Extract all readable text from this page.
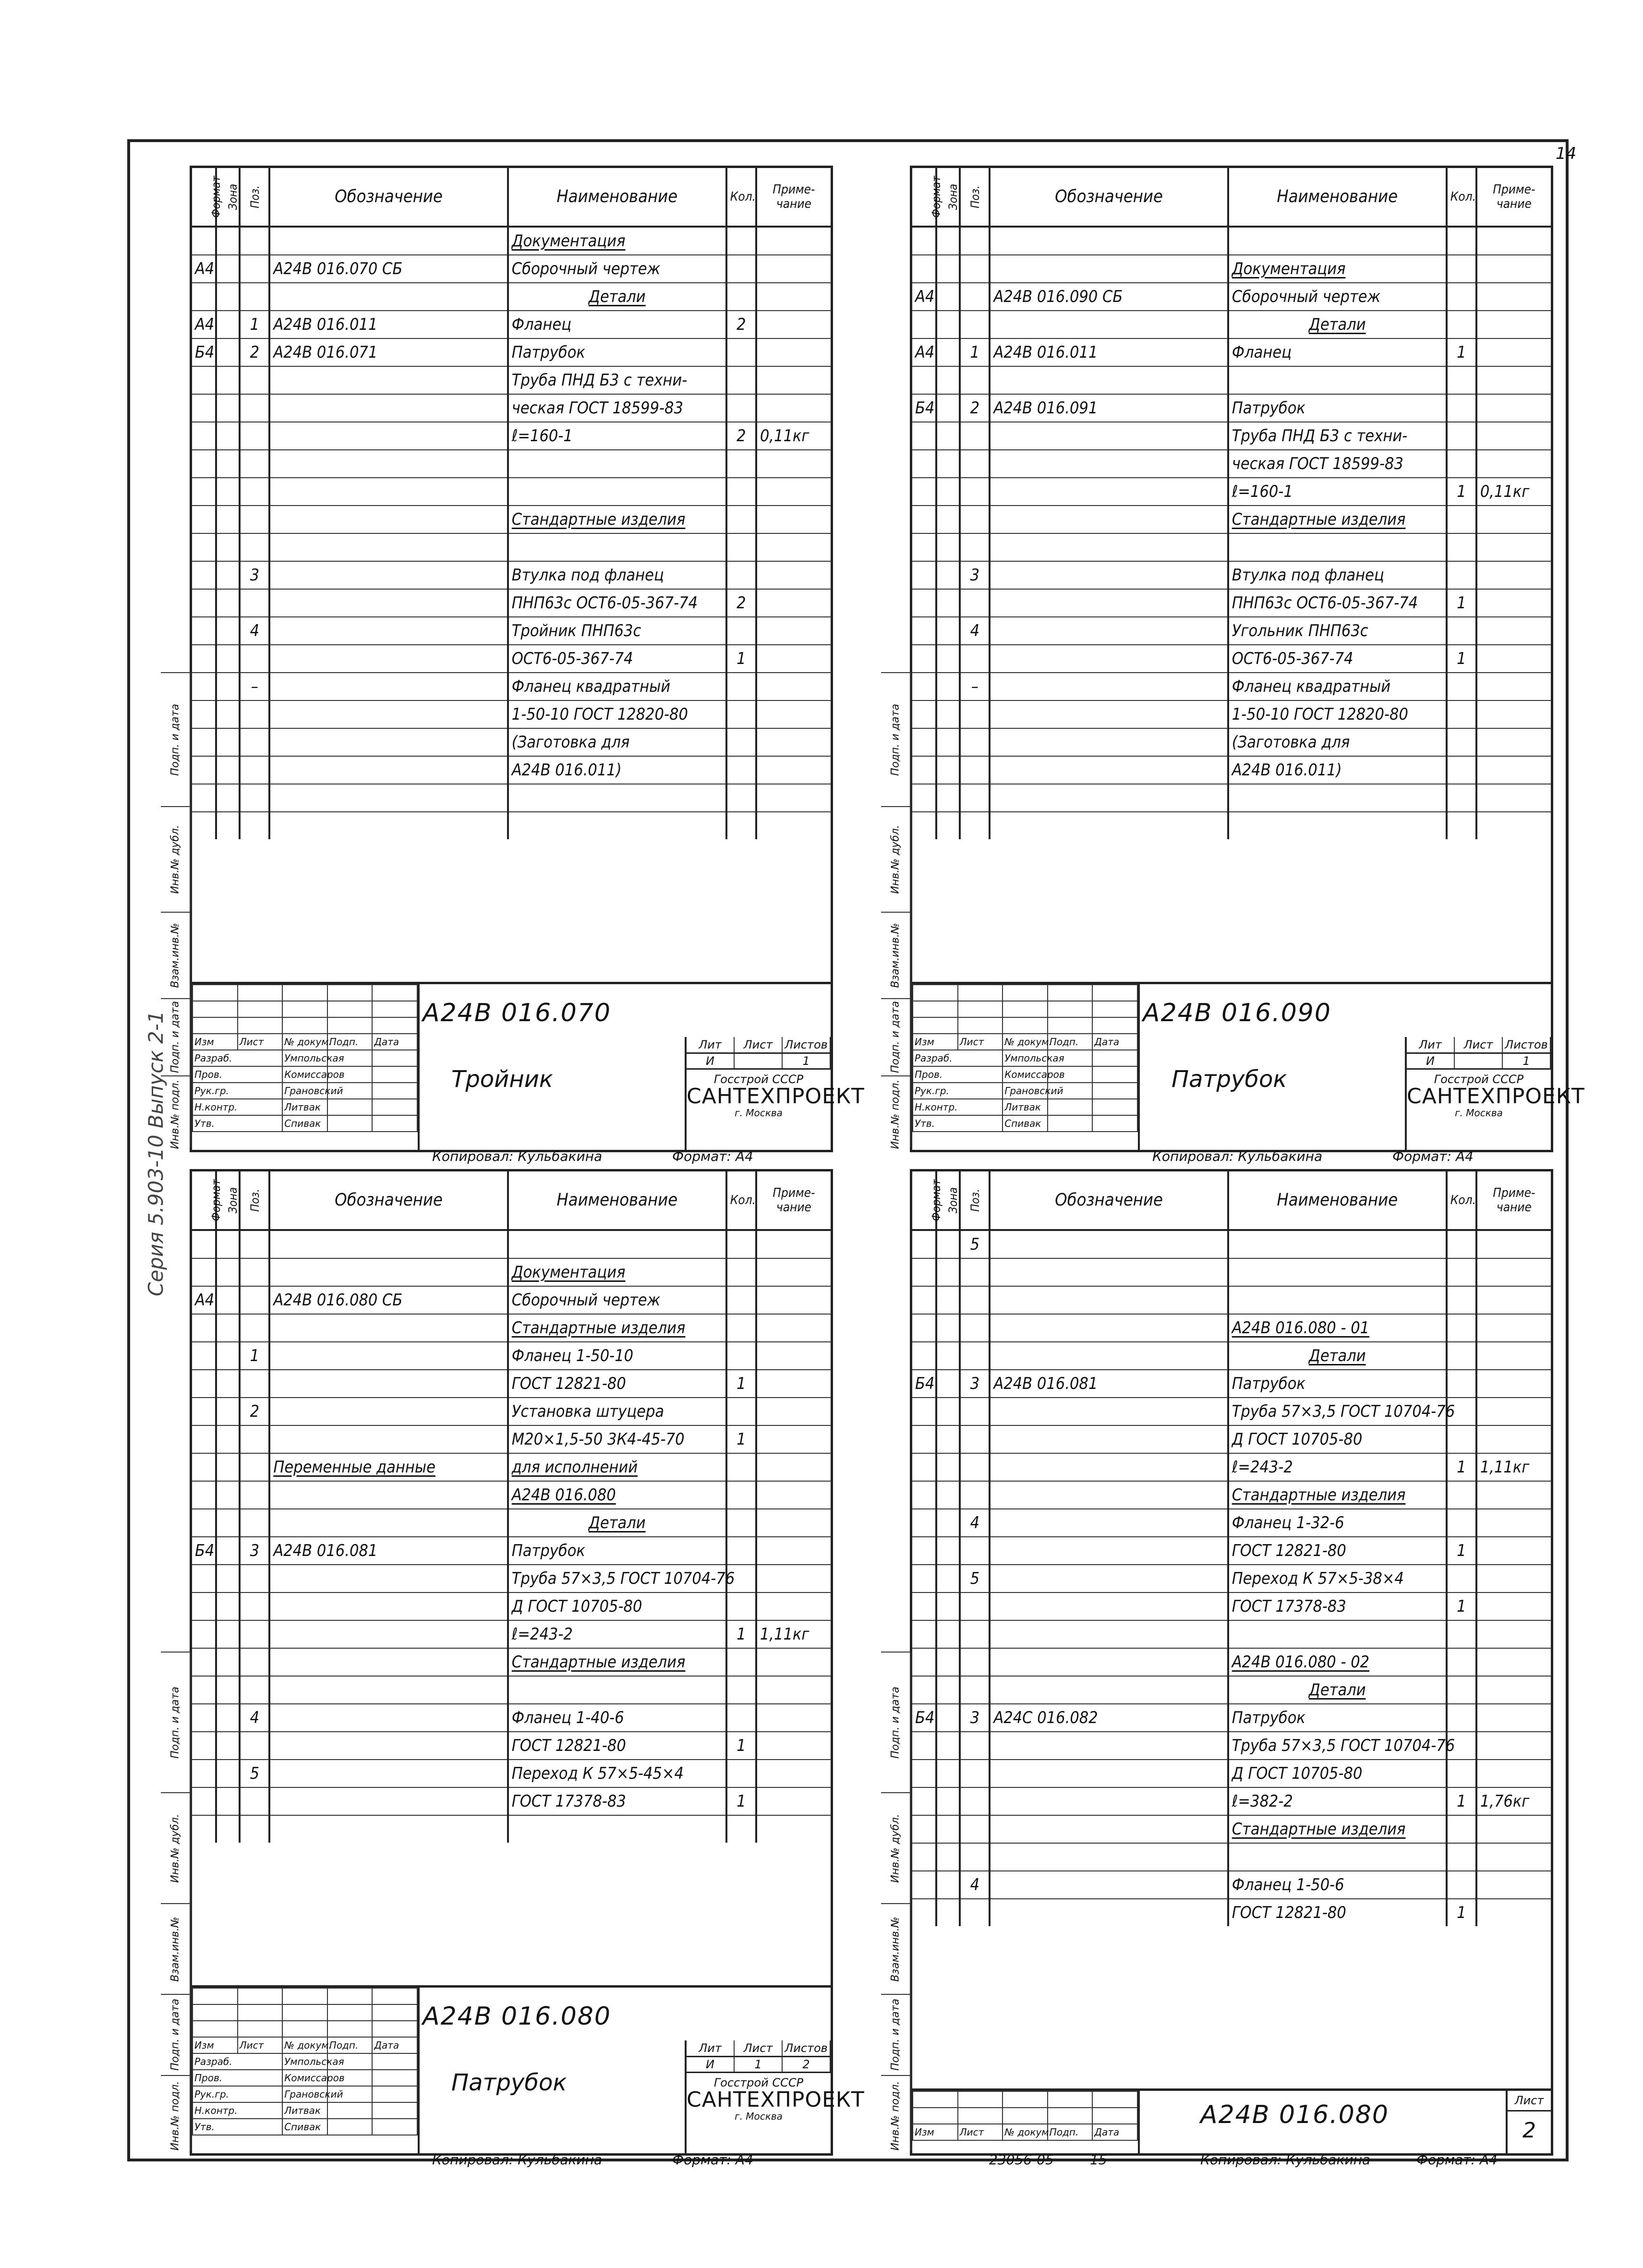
14
Серия 5.903-10 Выпуск 2-1
Формат	Зона	Поз.	Обозначение	Наименование	Кол.	Приме-чание
				Документация		
А4			А24В 016.070 СБ	Сборочный чертеж		
				Детали		
А4		1	А24В 016.011	Фланец	2	
Б4		2	А24В 016.071	Патрубок		
				Труба ПНД Б3 с техни-		
				ческая ГОСТ 18599-83		
				ℓ=160-1	2	0,11кг

				Стандартные изделия		

		3		Втулка под фланец		
				ПНП63с ОСТ6-05-367-74	2	
		4		Тройник ПНП63с		
				ОСТ6-05-367-74	1	
		–		Фланец квадратный		
				1-50-10 ГОСТ 12820-80		
				(Заготовка для		
				А24В 016.011)		

Изм	Лист	№ докум.	Подп.	Дата
Разраб.		Умпольская		
Пров.		Комиссаров		
Рук.гр.		Грановский		
Н.контр.		Литвак		
Утв.		Спивак		
А24В 016.070
Тройник
Лит	Лист	Листов
И	1
Госстрой СССР
САНТЕХПРОЕКТ
г. Москва
Формат	Зона	Поз.	Обозначение	Наименование	Кол.	Приме-чание

				Документация		
А4			А24В 016.090 СБ	Сборочный чертеж		
				Детали		
А4		1	А24В 016.011	Фланец	1	

Б4		2	А24В 016.091	Патрубок		
				Труба ПНД Б3 с техни-		
				ческая ГОСТ 18599-83		
				ℓ=160-1	1	0,11кг
				Стандартные изделия		

		3		Втулка под фланец		
				ПНП63с ОСТ6-05-367-74	1	
		4		Угольник ПНП63с		
				ОСТ6-05-367-74	1	
		–		Фланец квадратный		
				1-50-10 ГОСТ 12820-80		
				(Заготовка для		
				А24В 016.011)		

Изм	Лист	№ докум.	Подп.	Дата
Разраб.		Умпольская		
Пров.		Комиссаров		
Рук.гр.		Грановский		
Н.контр.		Литвак		
Утв.		Спивак		
А24В 016.090
Патрубок
Лит	Лист	Листов
И	1
Госстрой СССР
САНТЕХПРОЕКТ
г. Москва
Формат	Зона	Поз.	Обозначение	Наименование	Кол.	Приме-чание

				Документация		
А4			А24В 016.080 СБ	Сборочный чертеж		
				Стандартные изделия		
		1		Фланец 1-50-10		
				ГОСТ 12821-80	1	
		2		Установка штуцера		
				М20×1,5-50 3К4-45-70	1	
			Переменные данные	для исполнений		
				А24В 016.080		
				Детали		
Б4		3	А24В 016.081	Патрубок		
				Труба 57×3,5 ГОСТ 10704-76		
				Д ГОСТ 10705-80		
				ℓ=243-2	1	1,11кг
				Стандартные изделия		

		4		Фланец 1-40-6		
				ГОСТ 12821-80	1	
		5		Переход К 57×5-45×4		
				ГОСТ 17378-83	1	

Изм	Лист	№ докум.	Подп.	Дата
Разраб.		Умпольская		
Пров.		Комиссаров		
Рук.гр.		Грановский		
Н.контр.		Литвак		
Утв.		Спивак		
А24В 016.080
Патрубок
Лит	Лист	Листов
И	1	2
Госстрой СССР
САНТЕХПРОЕКТ
г. Москва
Формат	Зона	Поз.	Обозначение	Наименование	Кол.	Приме-чание
		5				

				А24В 016.080 - 01		
				Детали		
Б4		3	А24В 016.081	Патрубок		
				Труба 57×3,5 ГОСТ 10704-76		
				Д ГОСТ 10705-80		
				ℓ=243-2	1	1,11кг
				Стандартные изделия		
		4		Фланец 1-32-6		
				ГОСТ 12821-80	1	
		5		Переход К 57×5-38×4		
				ГОСТ 17378-83	1	

				А24В 016.080 - 02		
				Детали		
Б4		3	А24С 016.082	Патрубок		
				Труба 57×3,5 ГОСТ 10704-76		
				Д ГОСТ 10705-80		
				ℓ=382-2	1	1,76кг
				Стандартные изделия		

		4		Фланец 1-50-6		
				ГОСТ 12821-80	1	

Изм	Лист	№ докум.	Подп.	Дата
А24В 016.080	Лист
2
Подп. и дата
Инв.№ дубл.
Взам.инв.№
Подп. и дата
Инв.№ подл.
Подп. и дата
Инв.№ дубл.
Взам.инв.№
Подп. и дата
Инв.№ подл.
Подп. и дата
Инв.№ дубл.
Взам.инв.№
Подп. и дата
Инв.№ подл.
Подп. и дата
Инв.№ дубл.
Взам.инв.№
Подп. и дата
Инв.№ подл.
Копировал: Кульбакина	Формат: А4	Копировал: Кульбакина	Формат: А4
Копировал: Кульбакина	Формат: А4	Копировал: Кульбакина	Формат: А4
23056-05	15
